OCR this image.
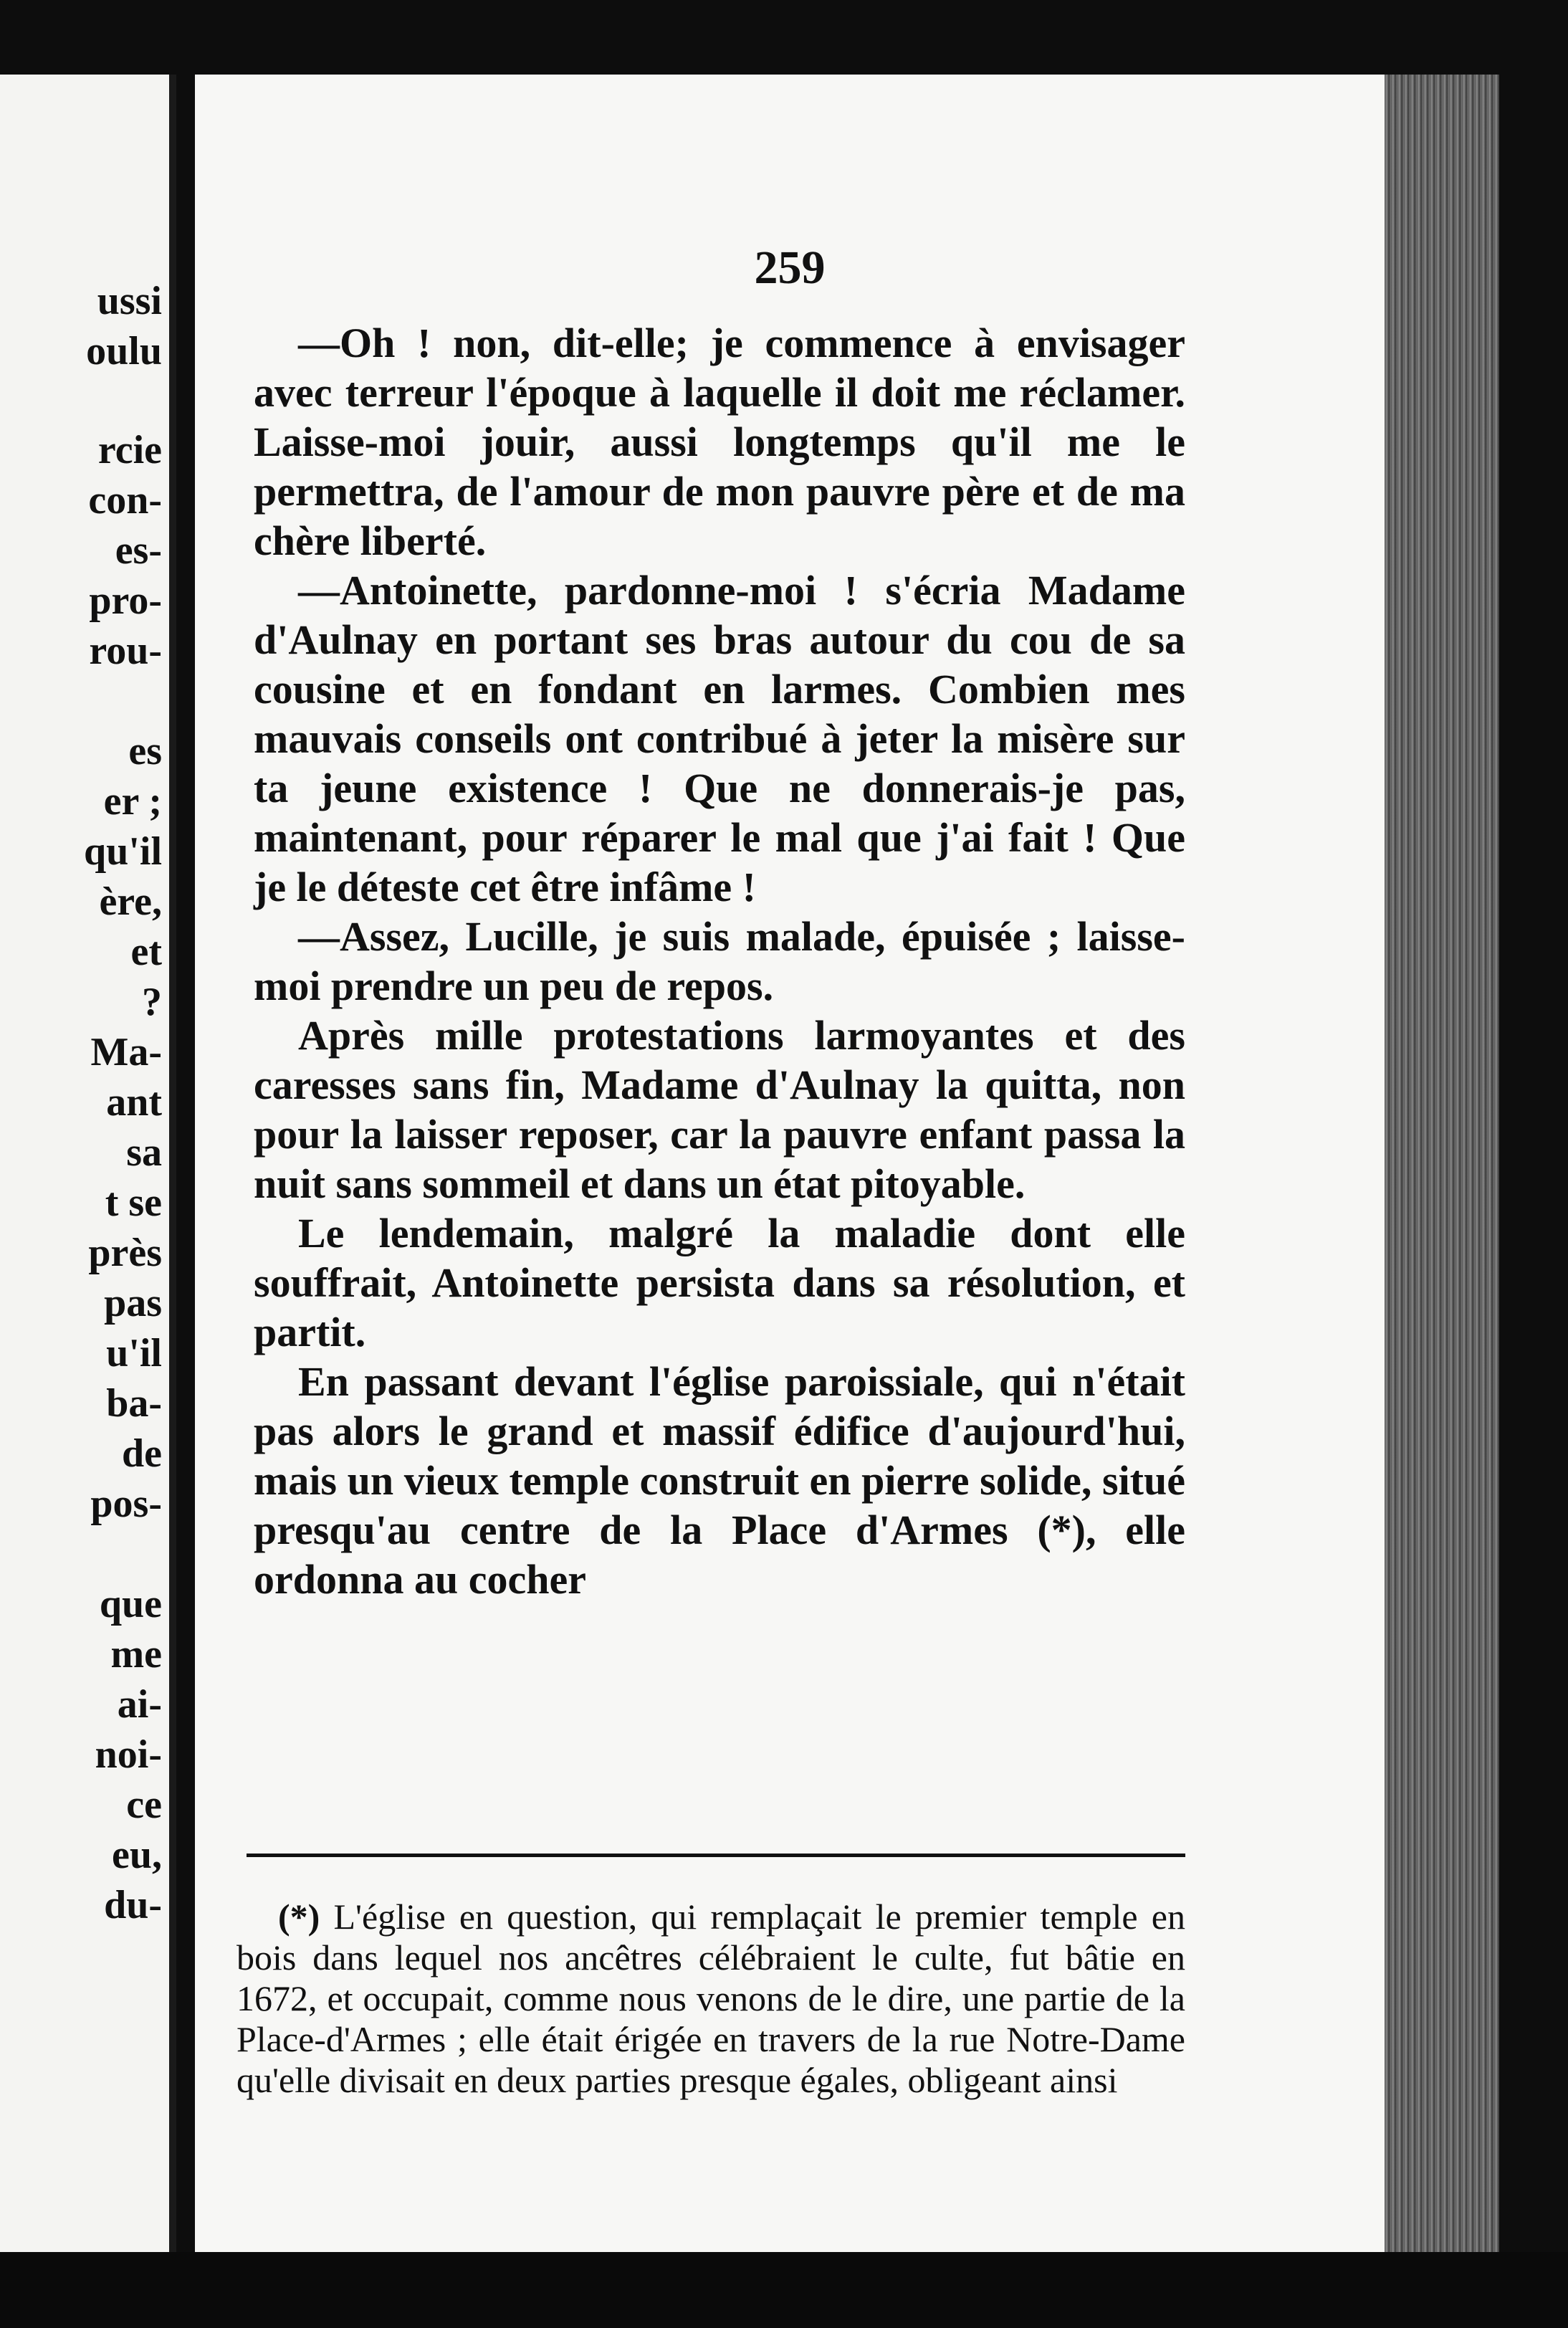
ussi
oulu
rcie
con-
es-
pro-
rou-
es
er ;
qu'il
ère,
et
?
Ma-
ant
sa
t se
près
pas
u'il
ba-
de
pos-
que
me
ai-
noi-
ce
eu,
du-
259

—Oh ! non, dit-elle; je commence à envisager avec terreur l'époque à laquelle il doit me réclamer. Laisse-moi jouir, aussi longtemps qu'il me le permettra, de l'amour de mon pauvre père et de ma chère liberté.

—Antoinette, pardonne-moi ! s'écria Madame d'Aulnay en portant ses bras autour du cou de sa cousine et en fondant en larmes. Combien mes mauvais conseils ont contribué à jeter la misère sur ta jeune existence ! Que ne donnerais-je pas, maintenant, pour réparer le mal que j'ai fait ! Que je le déteste cet être infâme !

—Assez, Lucille, je suis malade, épuisée ; laisse-moi prendre un peu de repos.

Après mille protestations larmoyantes et des caresses sans fin, Madame d'Aulnay la quitta, non pour la laisser reposer, car la pauvre enfant passa la nuit sans sommeil et dans un état pitoyable.

Le lendemain, malgré la maladie dont elle souffrait, Antoinette persista dans sa résolution, et partit.

En passant devant l'église paroissiale, qui n'était pas alors le grand et massif édifice d'aujourd'hui, mais un vieux temple construit en pierre solide, situé presqu'au centre de la Place d'Armes (*), elle ordonna au cocher

(*) L'église en question, qui remplaçait le premier temple en bois dans lequel nos ancêtres célébraient le culte, fut bâtie en 1672, et occupait, comme nous venons de le dire, une partie de la Place-d'Armes ; elle était érigée en travers de la rue Notre-Dame qu'elle divisait en deux parties presque égales, obligeant ainsi
